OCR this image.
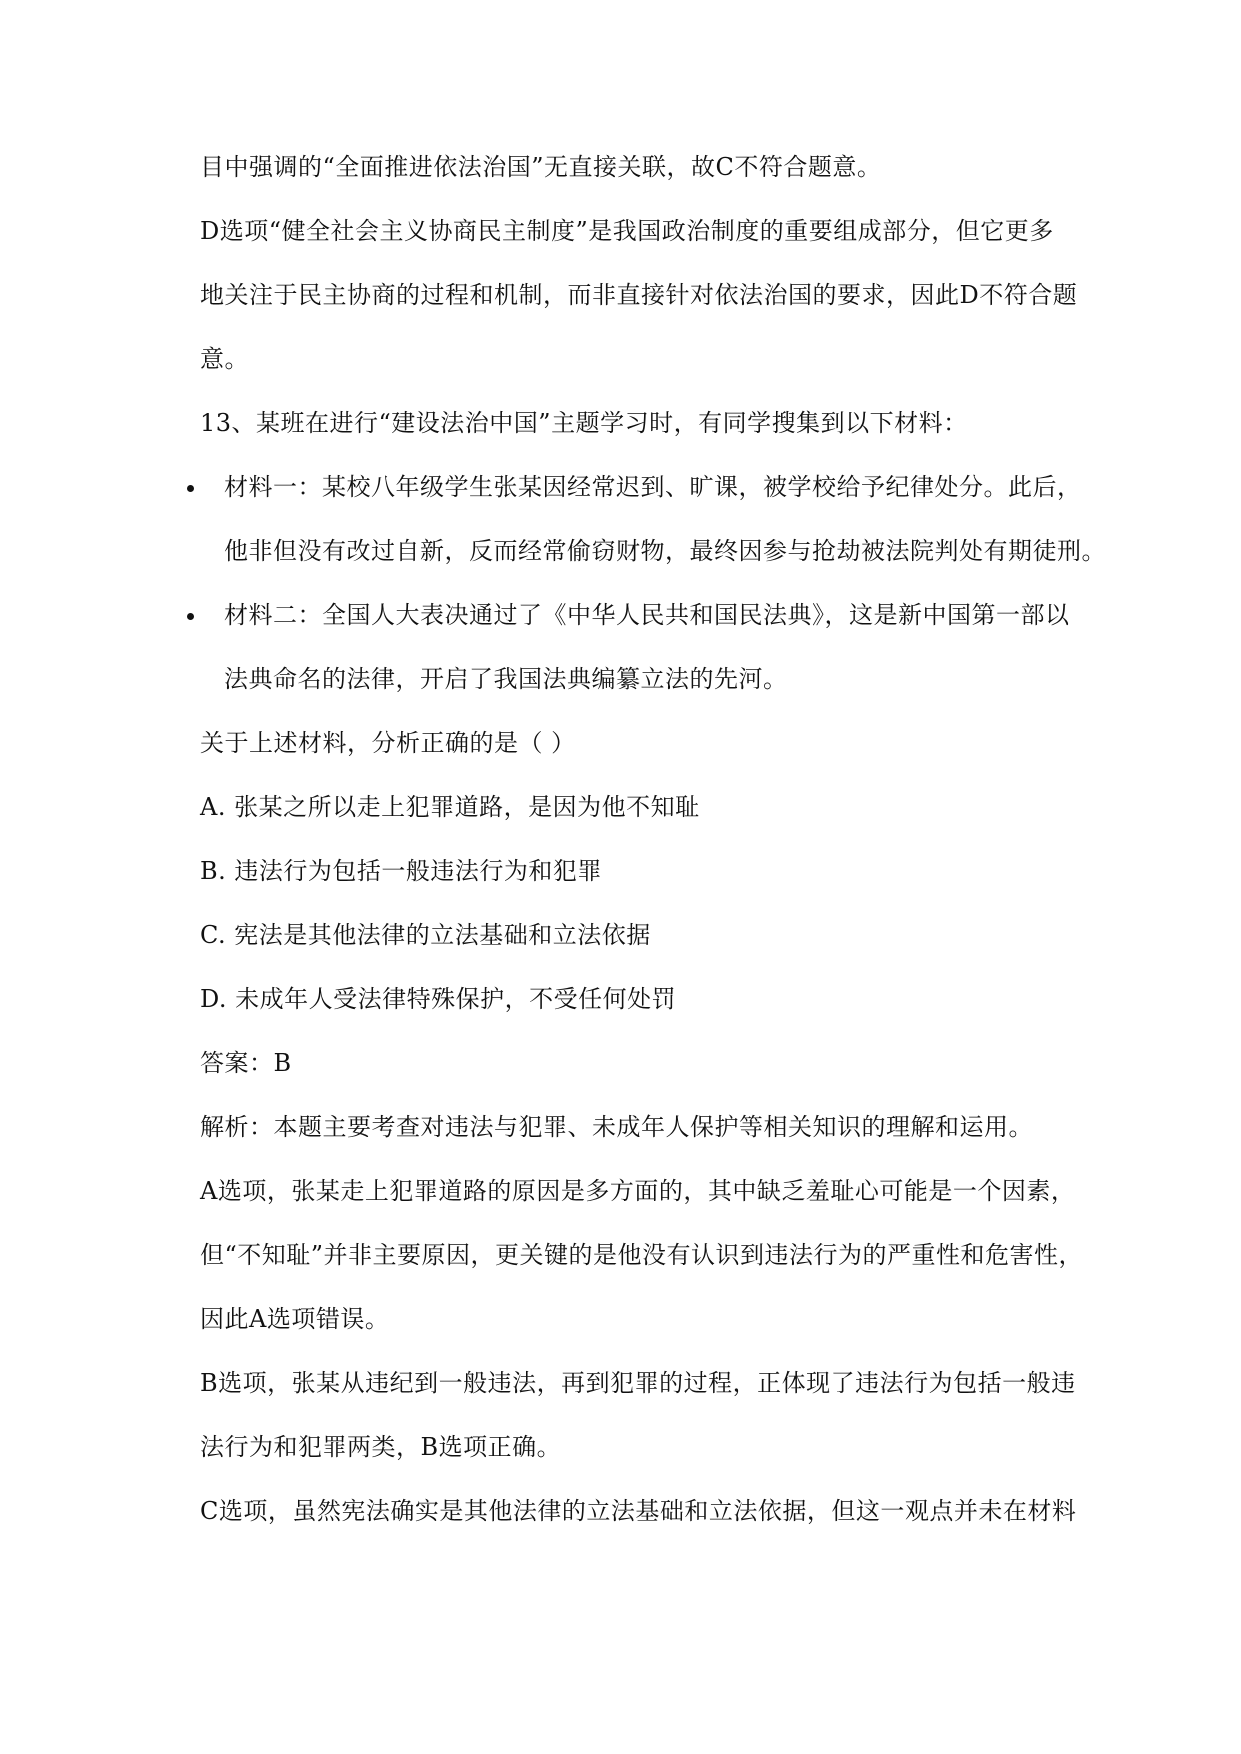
目中强调的“全面推进依法治国”无直接关联，故C不符合题意。
D选项“健全社会主义协商民主制度”是我国政治制度的重要组成部分，但它更多
地关注于民主协商的过程和机制，而非直接针对依法治国的要求，因此D不符合题
意。
13、某班在进行“建设法治中国”主题学习时，有同学搜集到以下材料：
材料一：某校八年级学生张某因经常迟到、旷课，被学校给予纪律处分。此后，
他非但没有改过自新，反而经常偷窃财物，最终因参与抢劫被法院判处有期徒刑。
材料二：全国人大表决通过了《中华人民共和国民法典》，这是新中国第一部以
法典命名的法律，开启了我国法典编纂立法的先河。
关于上述材料，分析正确的是（ ）
A. 张某之所以走上犯罪道路，是因为他不知耻
B. 违法行为包括一般违法行为和犯罪
C. 宪法是其他法律的立法基础和立法依据
D. 未成年人受法律特殊保护，不受任何处罚
答案：B
解析：本题主要考查对违法与犯罪、未成年人保护等相关知识的理解和运用。
A选项，张某走上犯罪道路的原因是多方面的，其中缺乏羞耻心可能是一个因素，
但“不知耻”并非主要原因，更关键的是他没有认识到违法行为的严重性和危害性，
因此A选项错误。
B选项，张某从违纪到一般违法，再到犯罪的过程，正体现了违法行为包括一般违
法行为和犯罪两类，B选项正确。
C选项，虽然宪法确实是其他法律的立法基础和立法依据，但这一观点并未在材料
